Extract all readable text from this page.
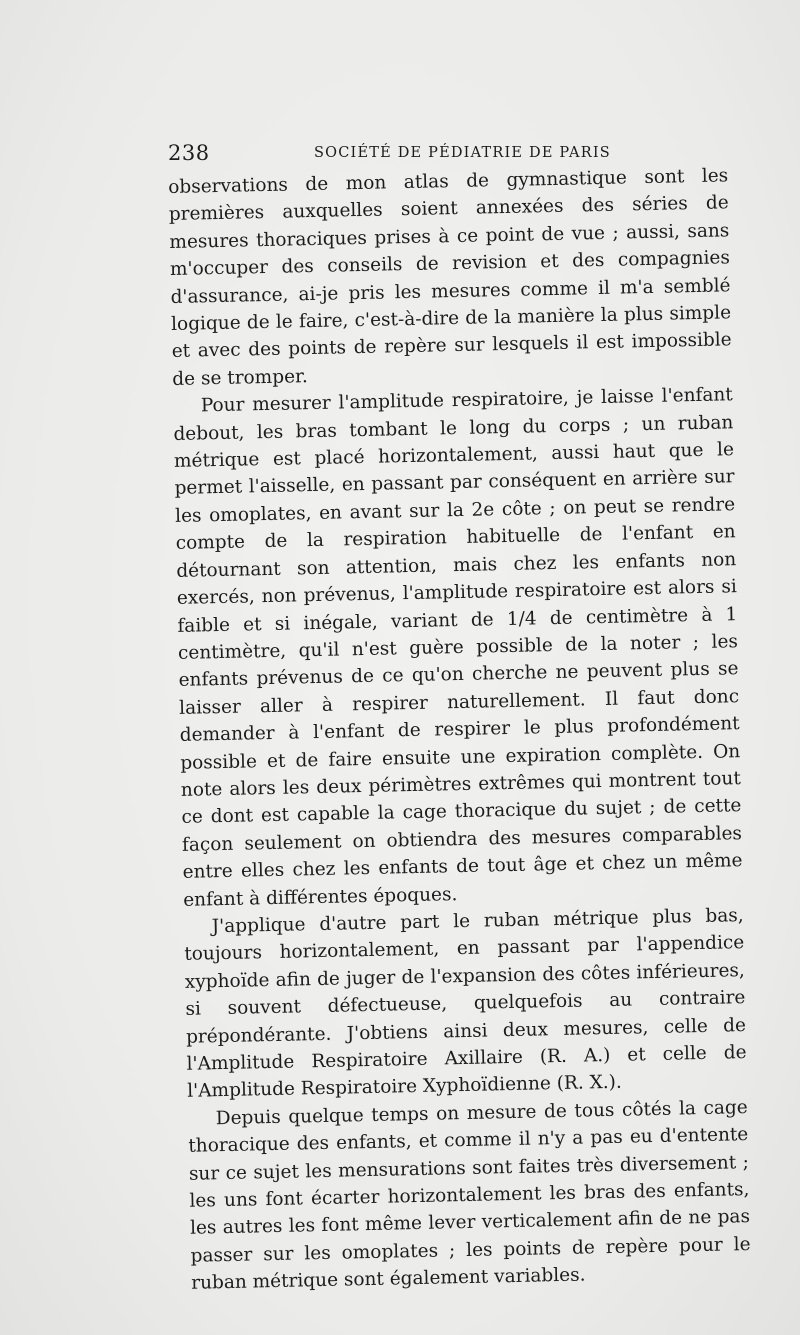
238	SOCIÉTÉ DE PÉDIATRIE DE PARIS

observations de mon atlas de gymnastique sont les premières auxquelles soient annexées des séries de mesures thoraciques prises à ce point de vue ; aussi, sans m'occuper des conseils de revision et des compagnies d'assurance, ai-je pris les mesures comme il m'a semblé logique de le faire, c'est-à-dire de la manière la plus simple et avec des points de repère sur lesquels il est impossible de se tromper.

Pour mesurer l'amplitude respiratoire, je laisse l'enfant debout, les bras tombant le long du corps ; un ruban métrique est placé horizontalement, aussi haut que le permet l'aisselle, en passant par conséquent en arrière sur les omoplates, en avant sur la 2e côte ; on peut se rendre compte de la respiration habituelle de l'enfant en détournant son attention, mais chez les enfants non exercés, non prévenus, l'amplitude respiratoire est alors si faible et si inégale, variant de 1/4 de centimètre à 1 centimètre, qu'il n'est guère possible de la noter ; les enfants prévenus de ce qu'on cherche ne peuvent plus se laisser aller à respirer naturellement. Il faut donc demander à l'enfant de respirer le plus profondément possible et de faire ensuite une expiration complète. On note alors les deux périmètres extrêmes qui montrent tout ce dont est capable la cage thoracique du sujet ; de cette façon seulement on obtiendra des mesures comparables entre elles chez les enfants de tout âge et chez un même enfant à différentes époques.

J'applique d'autre part le ruban métrique plus bas, toujours horizontalement, en passant par l'appendice xyphoïde afin de juger de l'expansion des côtes inférieures, si souvent défectueuse, quelquefois au contraire prépondérante. J'obtiens ainsi deux mesures, celle de l'Amplitude Respiratoire Axillaire (R. A.) et celle de l'Amplitude Respiratoire Xyphoïdienne (R. X.).

Depuis quelque temps on mesure de tous côtés la cage thoracique des enfants, et comme il n'y a pas eu d'entente sur ce sujet les mensurations sont faites très diversement ; les uns font écarter horizontalement les bras des enfants, les autres les font même lever verticalement afin de ne pas passer sur les omoplates ; les points de repère pour le ruban métrique sont également variables.
